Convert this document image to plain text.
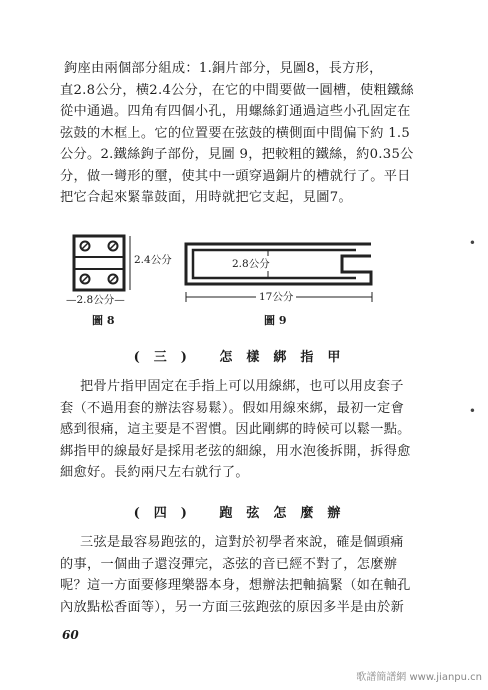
鉤座由兩個部分組成：1.銅片部分，見圖8，長方形，
直2.8公分，横2.4公分，在它的中間要做一圓槽，使粗鐵絲
從中通過。四角有四個小孔，用螺絲釘通過這些小孔固定在
弦鼓的木框上。它的位置要在弦鼓的横側面中間偏下約 1.5
公分。2.鐵絲鉤子部份，見圖 9，把較粗的鐵絲，約0.35公
分，做一彎形的壐，使其中一頭穿過銅片的槽就行了。平日
把它合起來緊靠鼓面，用時就把它支起，見圖7。
2.4公分
—2.8公分—
圖 8
2.8公分
17公分
圖 9
(三) 怎樣綁指甲
把骨片指甲固定在手指上可以用線綁，也可以用皮套子
套（不過用套的辦法容易鬆）。假如用線來綁，最初一定會
感到很痛，這主要是不習慣。因此剛綁的時候可以鬆一點。
綁指甲的線最好是採用老弦的細線，用水泡後拆開，拆得愈
細愈好。長約兩尺左右就行了。
(四) 跑弦怎麼辦
三弦是最容易跑弦的，這對於初學者來說，確是個頭痛
的事，一個曲子還沒彈完，忞弦的音已經不對了，怎麼辦
呢？這一方面要修理樂器本身，想辦法把軸搞緊（如在軸孔
內放點松香面等），另一方面三弦跑弦的原因多半是由於新
60
•
•
歌譜簡譜網 www.jianpu.cn
